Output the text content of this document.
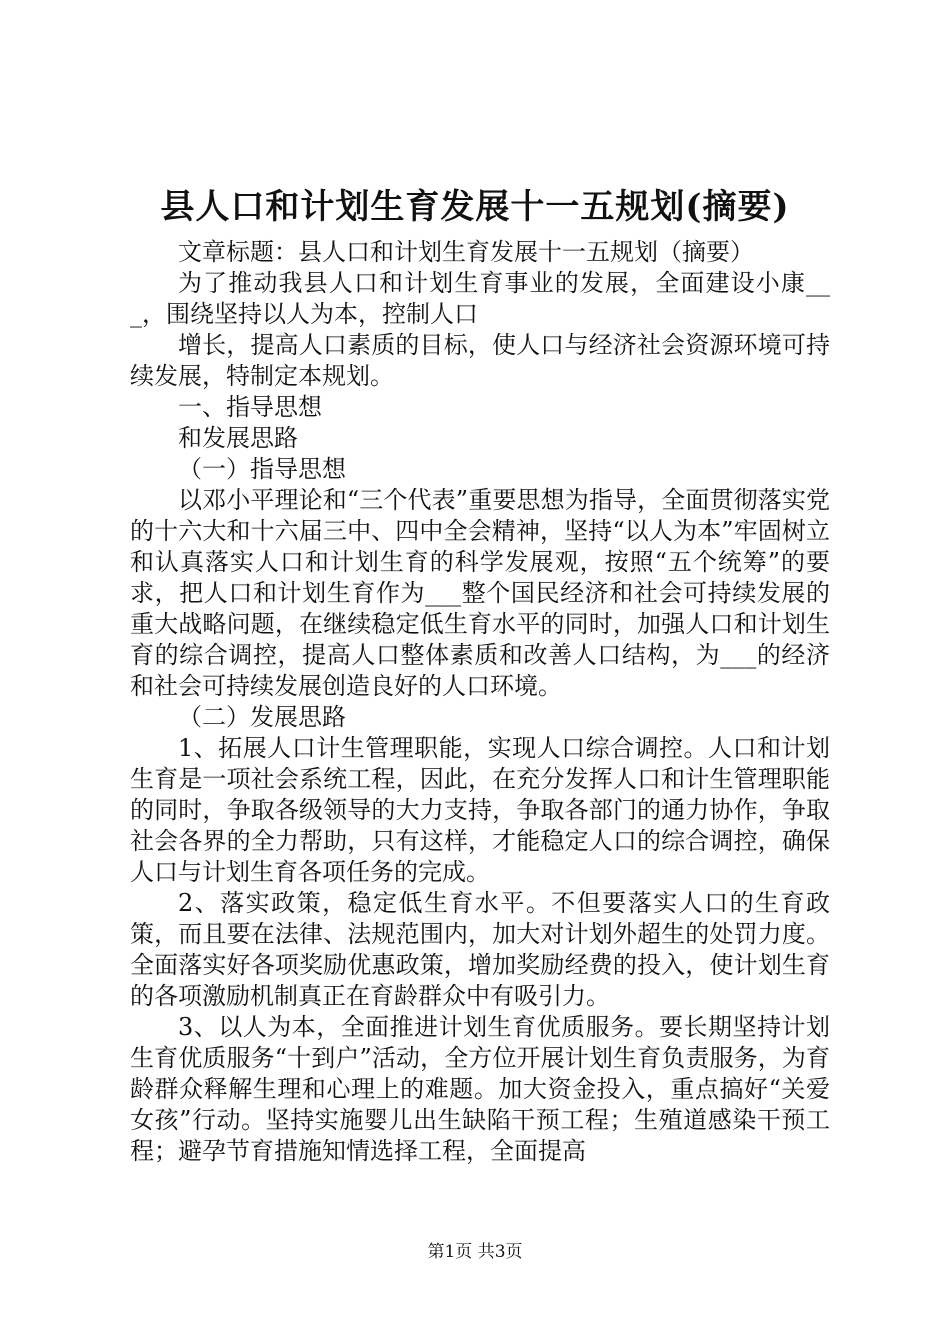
县人口和计划生育发展十一五规划(摘要)

文章标题：县人口和计划生育发展十一五规划（摘要）

为了推动我县人口和计划生育事业的发展，全面建设小康___，围绕坚持以人为本，控制人口

增长，提高人口素质的目标，使人口与经济社会资源环境可持续发展，特制定本规划。

一、指导思想

和发展思路

（一）指导思想

以邓小平理论和“三个代表”重要思想为指导，全面贯彻落实党的十六大和十六届三中、四中全会精神，坚持“以人为本”牢固树立和认真落实人口和计划生育的科学发展观，按照“五个统筹”的要求，把人口和计划生育作为___整个国民经济和社会可持续发展的重大战略问题，在继续稳定低生育水平的同时，加强人口和计划生育的综合调控，提高人口整体素质和改善人口结构，为___的经济和社会可持续发展创造良好的人口环境。

（二）发展思路

1、拓展人口计生管理职能，实现人口综合调控。人口和计划生育是一项社会系统工程，因此，在充分发挥人口和计生管理职能的同时，争取各级领导的大力支持，争取各部门的通力协作，争取社会各界的全力帮助，只有这样，才能稳定人口的综合调控，确保人口与计划生育各项任务的完成。

2、落实政策，稳定低生育水平。不但要落实人口的生育政策，而且要在法律、法规范围内，加大对计划外超生的处罚力度。全面落实好各项奖励优惠政策，增加奖励经费的投入，使计划生育的各项激励机制真正在育龄群众中有吸引力。

3、以人为本，全面推进计划生育优质服务。要长期坚持计划生育优质服务“十到户”活动，全方位开展计划生育负责服务，为育龄群众释解生理和心理上的难题。加大资金投入，重点搞好“关爱女孩”行动。坚持实施婴儿出生缺陷干预工程；生殖道感染干预工程；避孕节育措施知情选择工程，全面提高

第1页 共3页
